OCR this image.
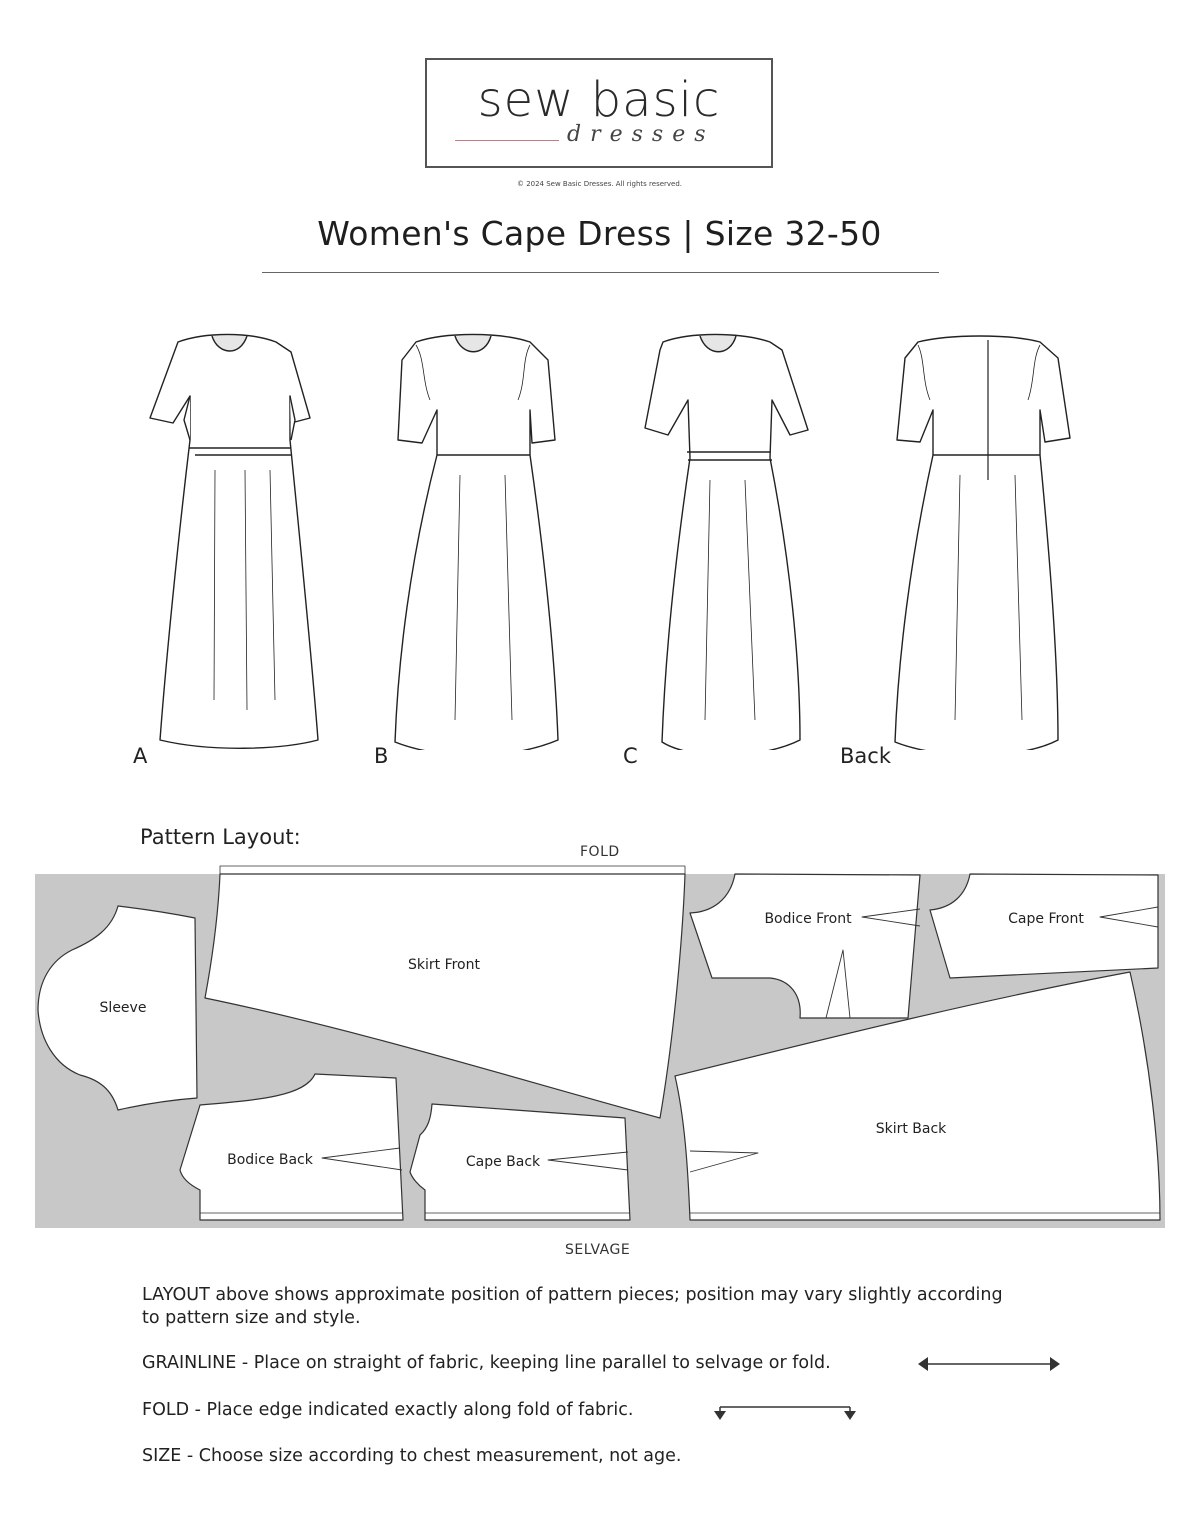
sew basic
dresses
© 2024 Sew Basic Dresses. All rights reserved.
Women's Cape Dress | Size 32-50
A	B	C	Back
Pattern Layout:
FOLD
Sleeve
Skirt Front
Bodice Front	Cape Front
Bodice Back	Cape Back
Skirt Back
SELVAGE
LAYOUT above shows approximate position of pattern pieces; position may vary slightly according to pattern size and style.
GRAINLINE - Place on straight of fabric, keeping line parallel to selvage or fold.
FOLD - Place edge indicated exactly along fold of fabric.
SIZE - Choose size according to chest measurement, not age.
